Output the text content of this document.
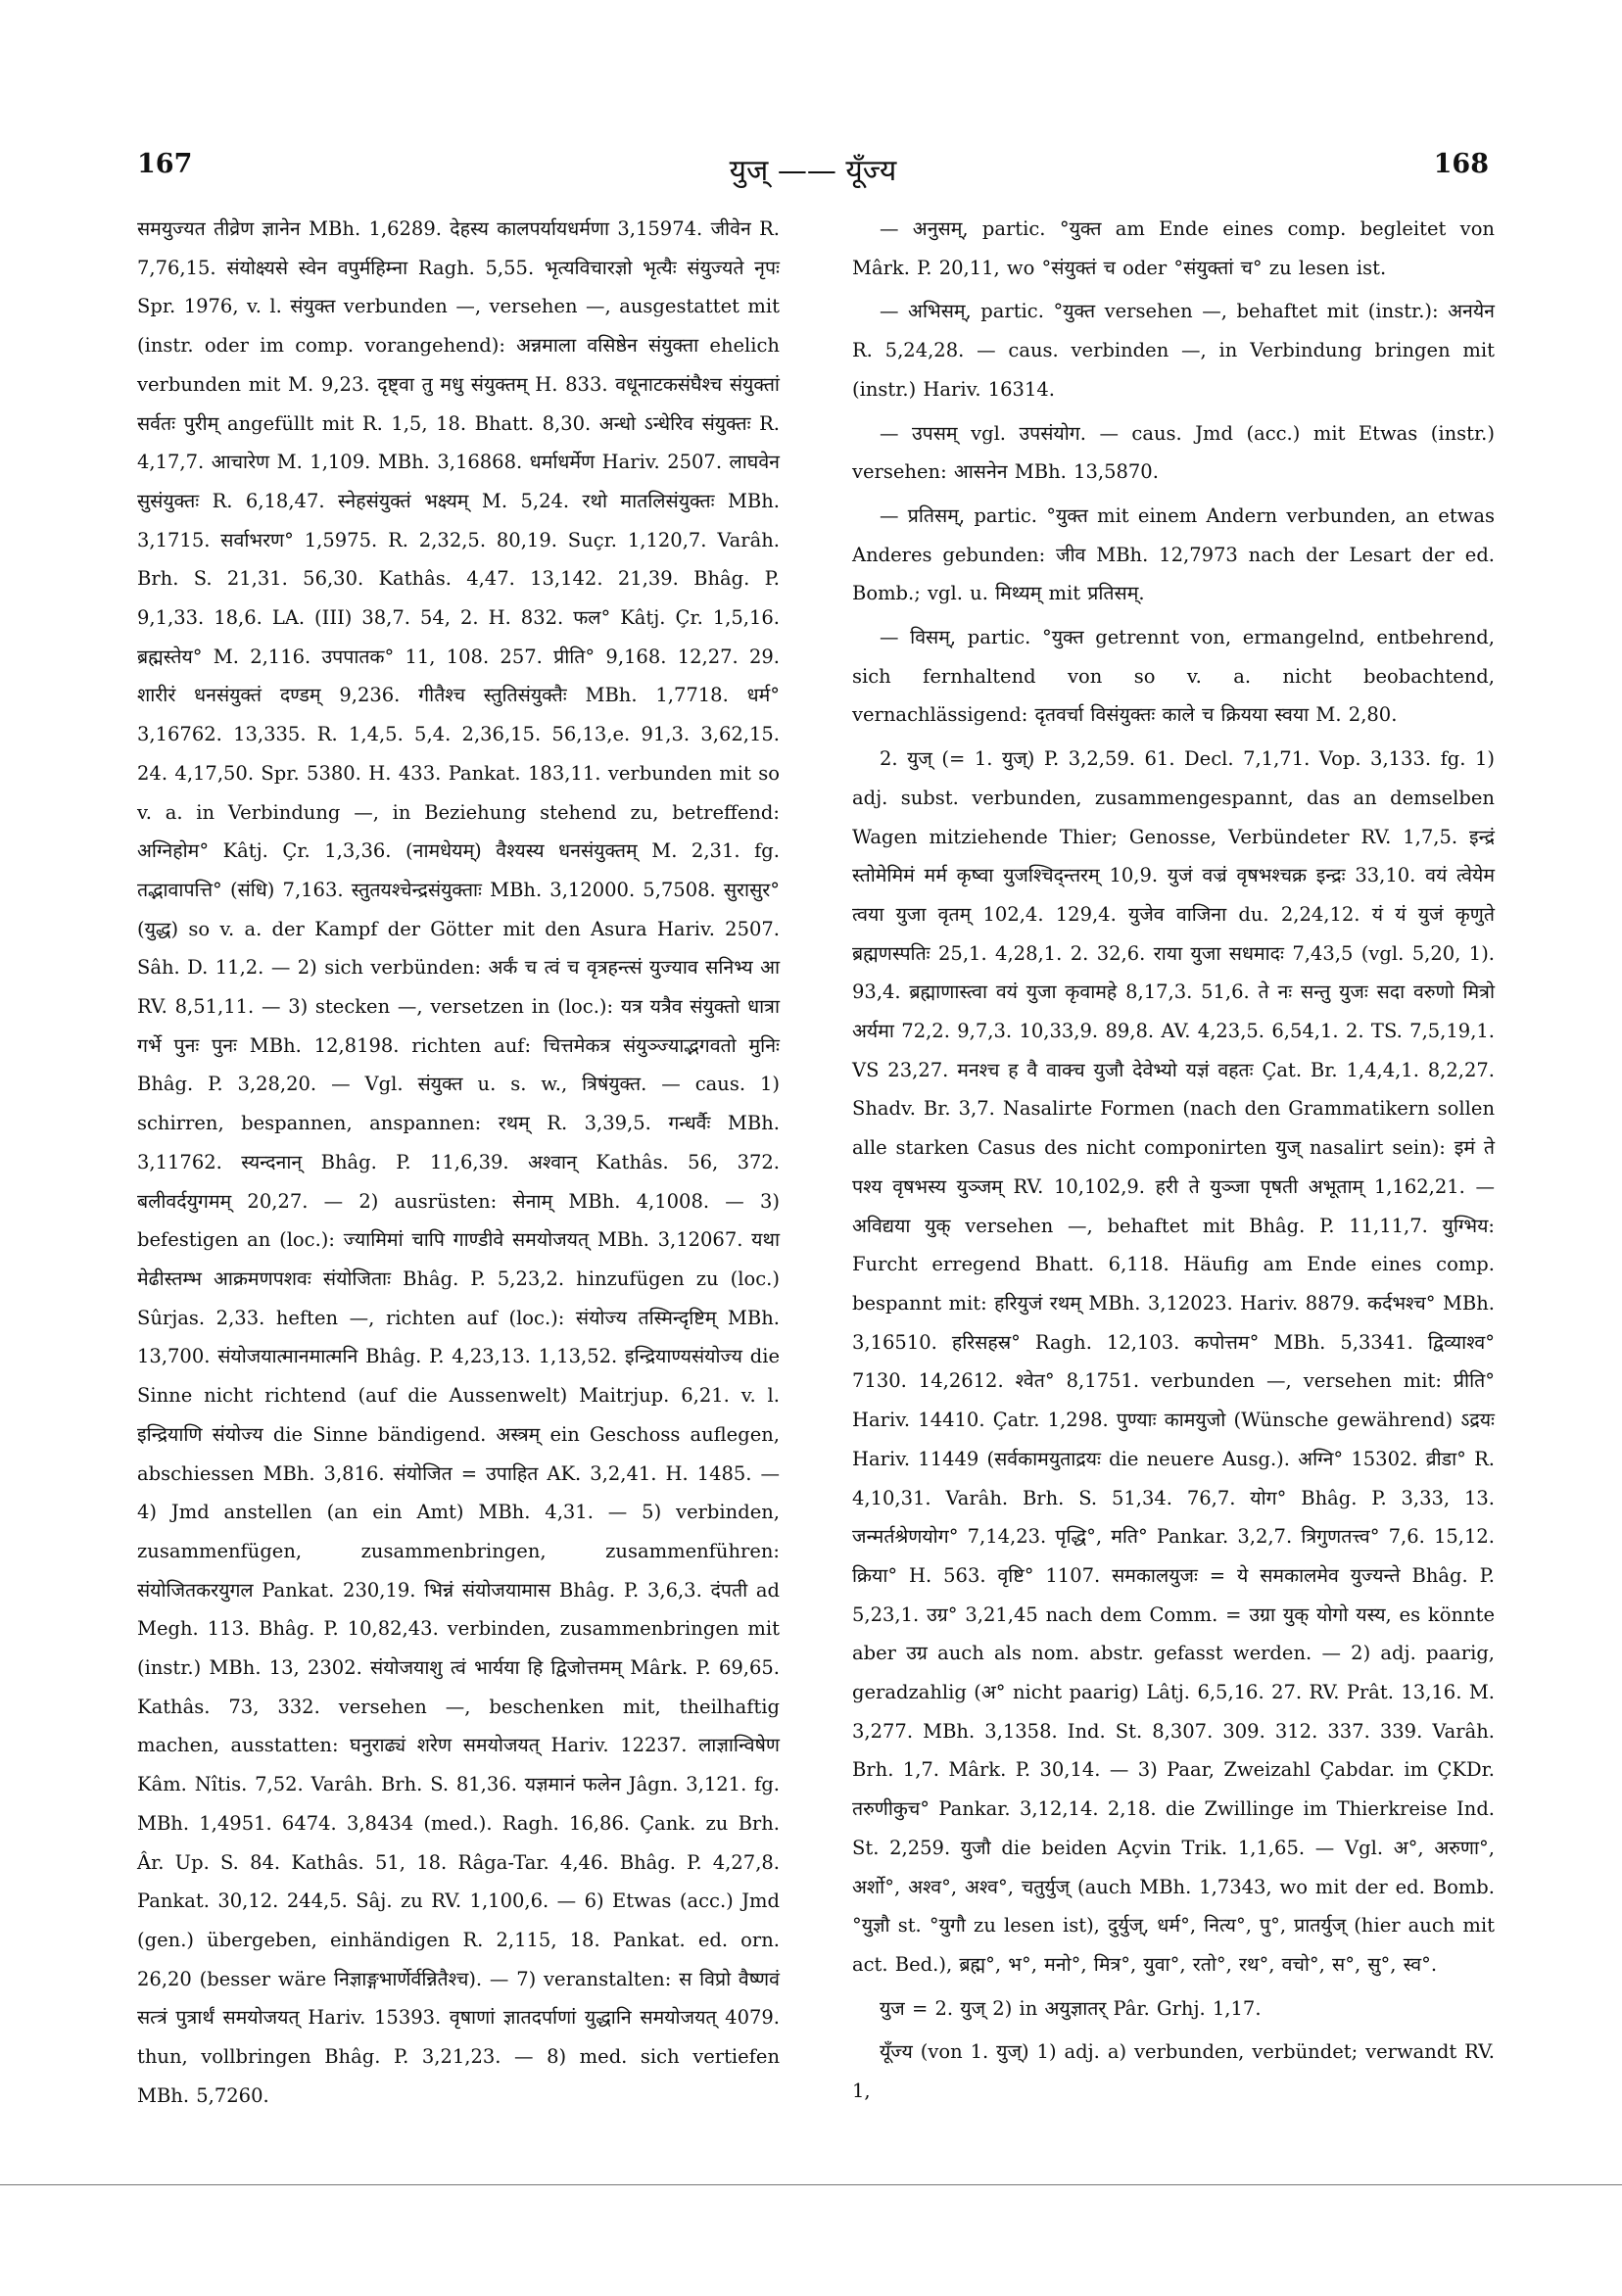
167	युज् —— यूँज्य	168

समयुज्यत तीव्रेण ज्ञानेन MBh. 1,6289. देहस्य कालपर्यायधर्मणा 3,15974. जीवेन R. 7,76,15. संयोक्ष्यसे स्वेन वपुर्महिम्ना Ragh. 5,55. भृत्यविचारज्ञो भृत्यैः संयुज्यते नृपः Spr. 1976, v. l. संयुक्त verbunden —, versehen —, ausgestattet mit (instr. oder im comp. vorangehend): अन्नमाला वसिष्ठेन संयुक्ता ehelich verbunden mit M. 9,23. दृष्ट्वा तु मधु संयुक्तम् H. 833. वधूनाटकसंघैश्च संयुक्तां सर्वतः पुरीम् angefüllt mit R. 1,5, 18. Bhatt. 8,30. अन्धो ऽन्धेरिव संयुक्तः R. 4,17,7. आचारेण M. 1,109. MBh. 3,16868. धर्माधर्मेण Hariv. 2507. लाघवेन सुसंयुक्तः R. 6,18,47. स्नेहसंयुक्तं भक्ष्यम् M. 5,24. रथो मातलिसंयुक्तः MBh. 3,1715. सर्वाभरण° 1,5975. R. 2,32,5. 80,19. Suçr. 1,120,7. Varâh. Brh. S. 21,31. 56,30. Kathâs. 4,47. 13,142. 21,39. Bhâg. P. 9,1,33. 18,6. LA. (III) 38,7. 54, 2. H. 832. फल° Kâtj. Çr. 1,5,16. ब्रह्मस्तेय° M. 2,116. उपपातक° 11, 108. 257. प्रीति° 9,168. 12,27. 29. शारीरं धनसंयुक्तं दण्डम् 9,236. गीतैश्च स्तुतिसंयुक्तैः MBh. 1,7718. धर्म° 3,16762. 13,335. R. 1,4,5. 5,4. 2,36,15. 56,13,e. 91,3. 3,62,15. 24. 4,17,50. Spr. 5380. H. 433. Pankat. 183,11. verbunden mit so v. a. in Verbindung —, in Beziehung stehend zu, betreffend: अग्निहोम° Kâtj. Çr. 1,3,36. (नामधेयम्) वैश्यस्य धनसंयुक्तम् M. 2,31. fg. तद्भावापत्ति° (संधि) 7,163. स्तुतयश्चेन्द्रसंयुक्ताः MBh. 3,12000. 5,7508. सुरासुर° (युद्ध) so v. a. der Kampf der Götter mit den Asura Hariv. 2507. Sâh. D. 11,2. — 2) sich verbünden: अर्कं च त्वं च वृत्रहन्त्सं युज्याव सनिभ्य आ RV. 8,51,11. — 3) stecken —, versetzen in (loc.): यत्र यत्रैव संयुक्तो धात्रा गर्भे पुनः पुनः MBh. 12,8198. richten auf: चित्तमेकत्र संयुञ्ज्याद्भगवतो मुनिः Bhâg. P. 3,28,20. — Vgl. संयुक्त u. s. w., त्रिषंयुक्त. — caus. 1) schirren, bespannen, anspannen: रथम् R. 3,39,5. गन्धर्वैः MBh. 3,11762. स्यन्दनान् Bhâg. P. 11,6,39. अश्वान् Kathâs. 56, 372. बलीवर्दयुगमम् 20,27. — 2) ausrüsten: सेनाम् MBh. 4,1008. — 3) befestigen an (loc.): ज्यामिमां चापि गाण्डीवे समयोजयत् MBh. 3,12067. यथा मेढीस्तम्भ आक्रमणपशवः संयोजिताः Bhâg. P. 5,23,2. hinzufügen zu (loc.) Sûrjas. 2,33. heften —, richten auf (loc.): संयोज्य तस्मिन्दृष्टिम् MBh. 13,700. संयोजयात्मानमात्मनि Bhâg. P. 4,23,13. 1,13,52. इन्द्रियाण्यसंयोज्य die Sinne nicht richtend (auf die Aussenwelt) Maitrjup. 6,21. v. l. इन्द्रियाणि संयोज्य die Sinne bändigend. अस्त्रम् ein Geschoss auflegen, abschiessen MBh. 3,816. संयोजित = उपाहित AK. 3,2,41. H. 1485. — 4) Jmd anstellen (an ein Amt) MBh. 4,31. — 5) verbinden, zusammenfügen, zusammenbringen, zusammenführen: संयोजितकरयुगल Pankat. 230,19. भिन्नं संयोजयामास Bhâg. P. 3,6,3. दंपती ad Megh. 113. Bhâg. P. 10,82,43. verbinden, zusammenbringen mit (instr.) MBh. 13, 2302. संयोजयाशु त्वं भार्यया हि द्विजोत्तमम् Mârk. P. 69,65. Kathâs. 73, 332. versehen —, beschenken mit, theilhaftig machen, ausstatten: घनुराढ्यं शरेण समयोजयत् Hariv. 12237. लाज्ञान्विषेण Kâm. Nîtis. 7,52. Varâh. Brh. S. 81,36. यज्ञमानं फलेन Jâgn. 3,121. fg. MBh. 1,4951. 6474. 3,8434 (med.). Ragh. 16,86. Çank. zu Brh. Âr. Up. S. 84. Kathâs. 51, 18. Râga-Tar. 4,46. Bhâg. P. 4,27,8. Pankat. 30,12. 244,5. Sâj. zu RV. 1,100,6. — 6) Etwas (acc.) Jmd (gen.) übergeben, einhändigen R. 2,115, 18. Pankat. ed. orn. 26,20 (besser wäre निज्ञाङ्गभार्णेर्वन्नितैश्च). — 7) veranstalten: स विप्रो वैष्णवं सत्त्रं पुत्रार्थं समयोजयत् Hariv. 15393. वृषाणां ज्ञातदर्पाणां युद्धानि समयोजयत् 4079. thun, vollbringen Bhâg. P. 3,21,23. — 8) med. sich vertiefen MBh. 5,7260.

— अनुसम्, partic. °युक्त am Ende eines comp. begleitet von Mârk. P. 20,11, wo °संयुक्तं च oder °संयुक्तां च° zu lesen ist.

— अभिसम्, partic. °युक्त versehen —, behaftet mit (instr.): अनयेन R. 5,24,28. — caus. verbinden —, in Verbindung bringen mit (instr.) Hariv. 16314.

— उपसम् vgl. उपसंयोग. — caus. Jmd (acc.) mit Etwas (instr.) versehen: आसनेन MBh. 13,5870.

— प्रतिसम्, partic. °युक्त mit einem Andern verbunden, an etwas Anderes gebunden: जीव MBh. 12,7973 nach der Lesart der ed. Bomb.; vgl. u. मिथ्यम् mit प्रतिसम्.

— विसम्, partic. °युक्त getrennt von, ermangelnd, entbehrend, sich fernhaltend von so v. a. nicht beobachtend, vernachlässigend: दृतवर्चा विसंयुक्तः काले च क्रियया स्वया M. 2,80.

2. युज् (= 1. युज्) P. 3,2,59. 61. Decl. 7,1,71. Vop. 3,133. fg. 1) adj. subst. verbunden, zusammengespannt, das an demselben Wagen mitziehende Thier; Genosse, Verbündeter RV. 1,7,5. इन्द्रं स्तोमेमिमं मर्म कृष्वा युजश्चिद्न्तरम् 10,9. युजं वज्रं वृषभश्चक्र इन्द्रः 33,10. वयं त्वेयेम त्वया युजा वृतम् 102,4. 129,4. युजेव वाजिना du. 2,24,12. यं यं युजं कृणुते ब्रह्मणस्पतिः 25,1. 4,28,1. 2. 32,6. राया युजा सधमादः 7,43,5 (vgl. 5,20, 1). 93,4. ब्रह्माणास्त्वा वयं युजा कृवामहे 8,17,3. 51,6. ते नः सन्तु युजः सदा वरुणो मित्रो अर्यमा 72,2. 9,7,3. 10,33,9. 89,8. AV. 4,23,5. 6,54,1. 2. TS. 7,5,19,1. VS 23,27. मनश्च ह वै वाक्च युजौ देवेभ्यो यज्ञं वहतः Çat. Br. 1,4,4,1. 8,2,27. Shadv. Br. 3,7. Nasalirte Formen (nach den Grammatikern sollen alle starken Casus des nicht componirten युज् nasalirt sein): इमं ते पश्य वृषभस्य युञ्जम् RV. 10,102,9. हरी ते युञ्जा पृषती अभूताम् 1,162,21. — अविद्यया युक् versehen —, behaftet mit Bhâg. P. 11,11,7. युग्भिय: Furcht erregend Bhatt. 6,118. Häufig am Ende eines comp. bespannt mit: हरियुजं रथम् MBh. 3,12023. Hariv. 8879. कर्दभश्च° MBh. 3,16510. हरिसहस्र° Ragh. 12,103. कपोत्तम° MBh. 5,3341. द्विव्याश्व° 7130. 14,2612. श्वेत° 8,1751. verbunden —, versehen mit: प्रीति° Hariv. 14410. Çatr. 1,298. पुण्याः कामयुजो (Wünsche gewährend) ऽद्रयः Hariv. 11449 (सर्वकामयुताद्रयः die neuere Ausg.). अग्नि° 15302. व्रीडा° R. 4,10,31. Varâh. Brh. S. 51,34. 76,7. योग° Bhâg. P. 3,33, 13. जन्मर्तश्रेणयोग° 7,14,23. पृद्धि°, मति° Pankar. 3,2,7. त्रिगुणतत्त्व° 7,6. 15,12. क्रिया° H. 563. वृष्टि° 1107. समकालयुजः = ये समकालमेव युज्यन्ते Bhâg. P. 5,23,1. उग्र° 3,21,45 nach dem Comm. = उग्रा युक् योगो यस्य, es könnte aber उग्र auch als nom. abstr. gefasst werden. — 2) adj. paarig, geradzahlig (अ° nicht paarig) Lâtj. 6,5,16. 27. RV. Prât. 13,16. M. 3,277. MBh. 3,1358. Ind. St. 8,307. 309. 312. 337. 339. Varâh. Brh. 1,7. Mârk. P. 30,14. — 3) Paar, Zweizahl Çabdar. im ÇKDr. तरुणीकुच° Pankar. 3,12,14. 2,18. die Zwillinge im Thierkreise Ind. St. 2,259. युजौ die beiden Açvin Trik. 1,1,65. — Vgl. अ°, अरुणा°, अर्शो°, अश्व°, अश्व°, चतुर्युज् (auch MBh. 1,7343, wo mit der ed. Bomb. °युज्ञौ st. °युगौ zu lesen ist), दुर्युज्, धर्म°, नित्य°, पु°, प्रातर्युज् (hier auch mit act. Bed.), ब्रह्म°, भ°, मनो°, मित्र°, युवा°, रतो°, रथ°, वचो°, स°, सु°, स्व°.

युज = 2. युज् 2) in अयुज्ञातर् Pâr. Grhj. 1,17.

यूँज्य (von 1. युज्) 1) adj. a) verbunden, verbündet; verwandt RV. 1,
